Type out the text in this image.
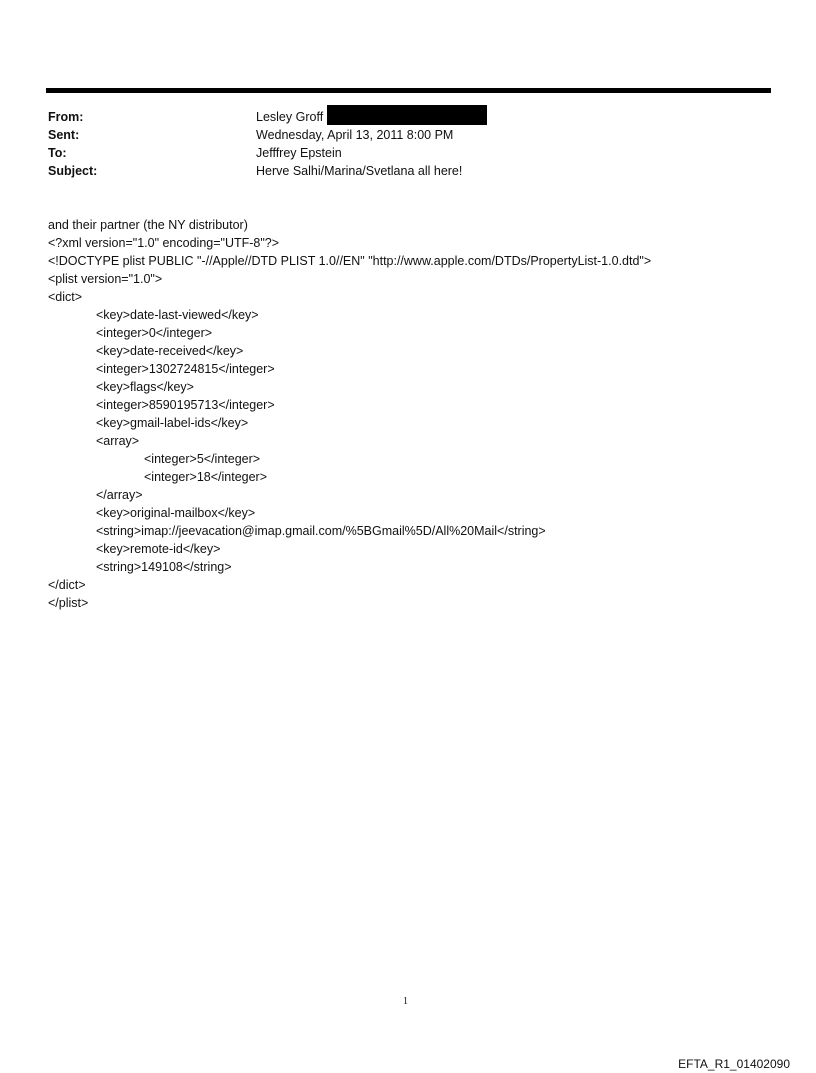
From:	Lesley Groff
Sent:	Wednesday, April 13, 2011 8:00 PM
To:	Jefffrey Epstein
Subject:	Herve Salhi/Marina/Svetlana all here!
and their partner (the NY distributor)
<?xml version="1.0" encoding="UTF-8"?>
<!DOCTYPE plist PUBLIC "-//Apple//DTD PLIST 1.0//EN" "http://www.apple.com/DTDs/PropertyList-1.0.dtd">
<plist version="1.0">
<dict>
<key>date-last-viewed</key>
<integer>0</integer>
<key>date-received</key>
<integer>1302724815</integer>
<key>flags</key>
<integer>8590195713</integer>
<key>gmail-label-ids</key>
<array>
<integer>5</integer>
<integer>18</integer>
</array>
<key>original-mailbox</key>
<string>imap://jeevacation@imap.gmail.com/%5BGmail%5D/All%20Mail</string>
<key>remote-id</key>
<string>149108</string>
</dict>
</plist>
1
EFTA_R1_01402090
